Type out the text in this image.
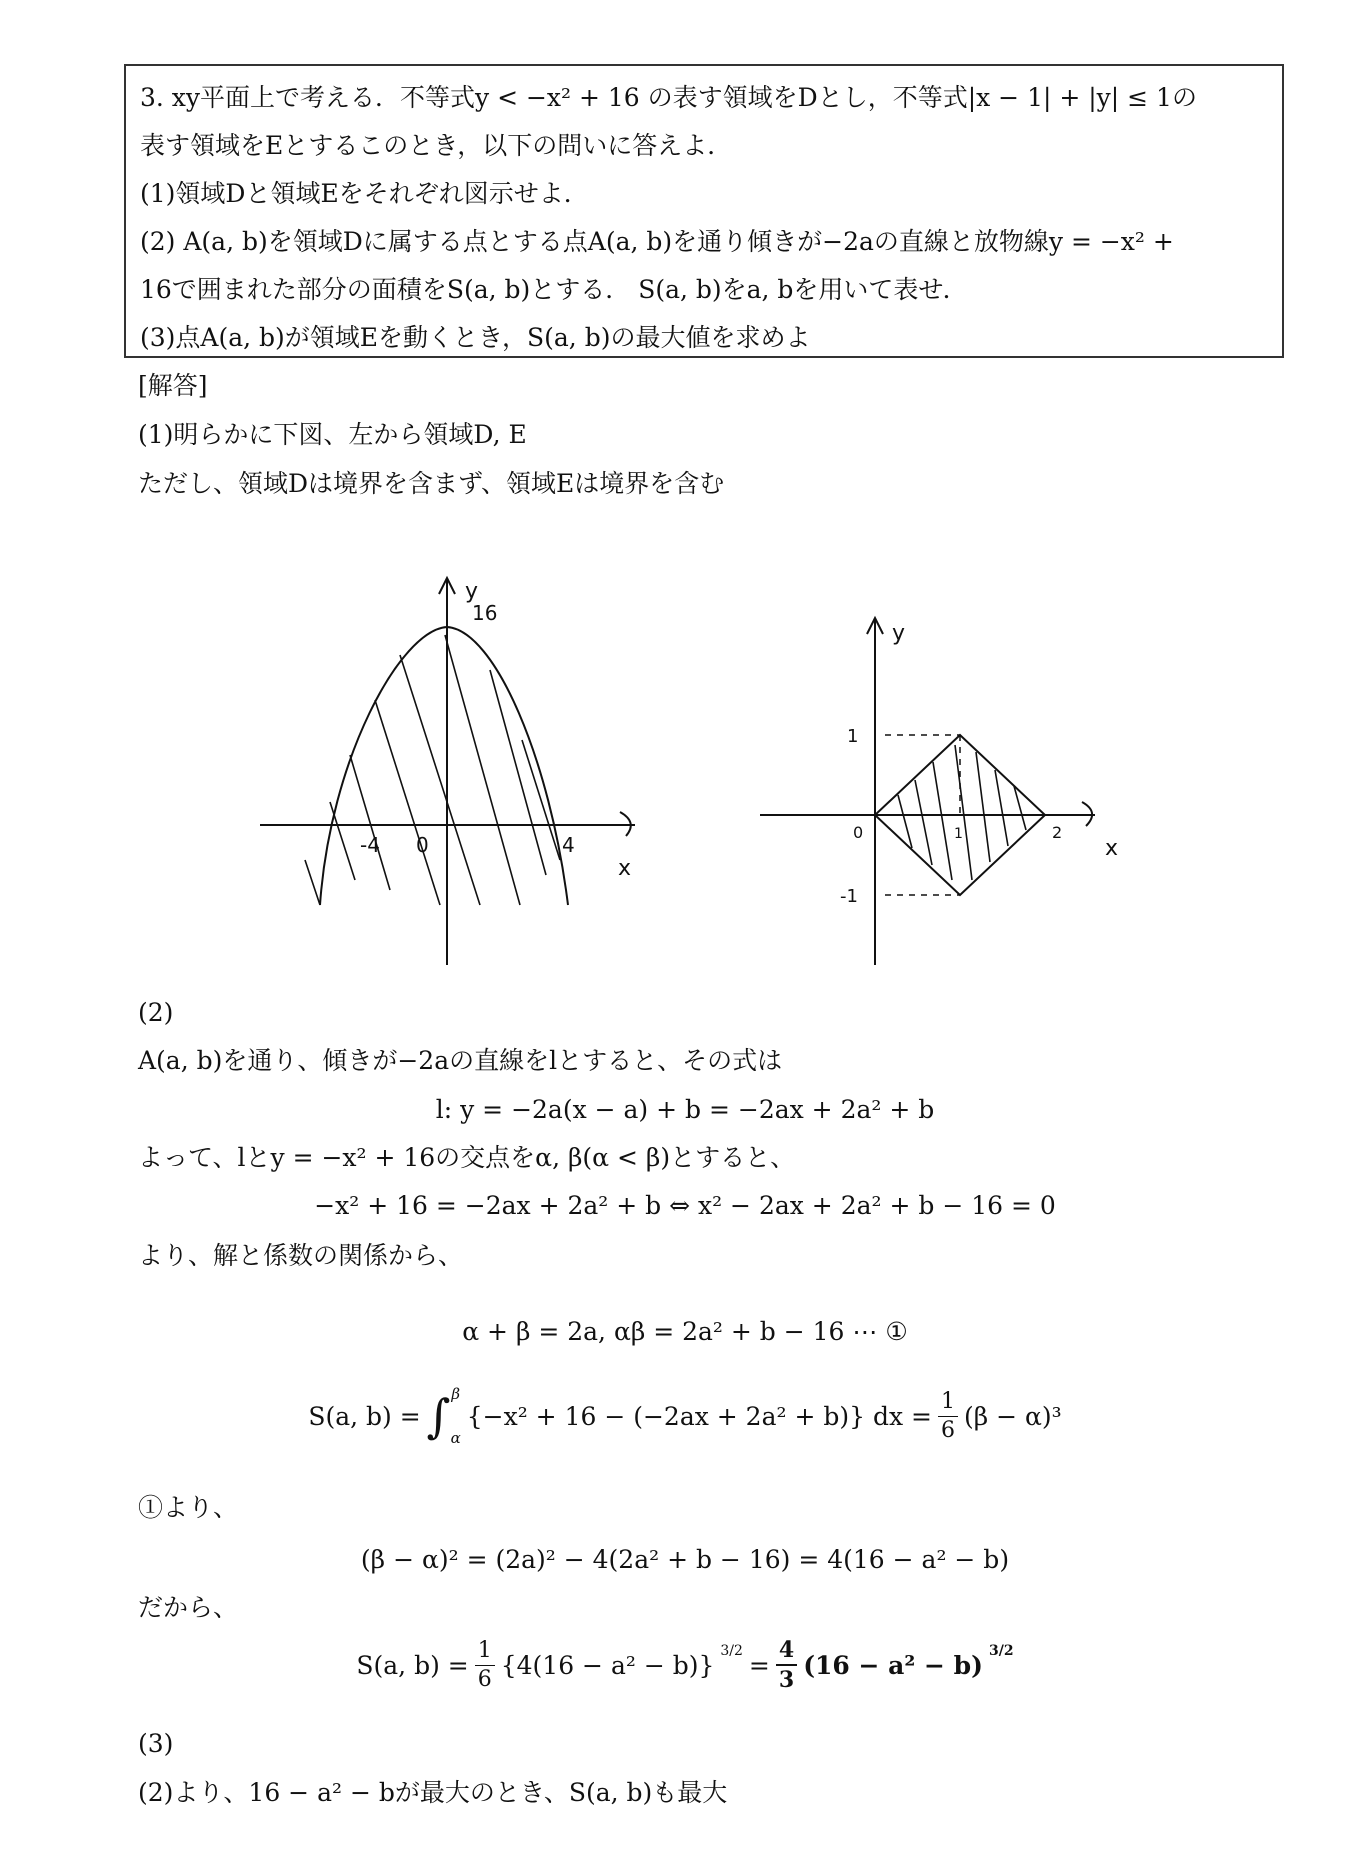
3. xy平面上で考える．不等式y < −x² + 16 の表す領域をDとし，不等式|x − 1| + |y| ≤ 1の
表す領域をEとするこのとき，以下の問いに答えよ．
(1)領域Dと領域Eをそれぞれ図示せよ．
(2) A(a, b)を領域Dに属する点とする点A(a, b)を通り傾きが−2aの直線と放物線y = −x² +
16で囲まれた部分の面積をS(a, b)とする． S(a, b)をa, bを用いて表せ．
(3)点A(a, b)が領域Eを動くとき，S(a, b)の最大値を求めよ
[解答]
(1)明らかに下図、左から領域D, E
ただし、領域Dは境界を含まず、領域Eは境界を含む
y
16
-4 0	4
x
y
1
0	1	2
-1
x
(2)
A(a, b)を通り、傾きが−2aの直線をlとすると、その式は
l: y = −2a(x − a) + b = −2ax + 2a² + b
よって、lとy = −x² + 16の交点をα, β(α < β)とすると、
−x² + 16 = −2ax + 2a² + b ⇔ x² − 2ax + 2a² + b − 16 = 0
より、解と係数の関係から、
α + β = 2a, αβ = 2a² + b − 16 ⋯ ①
S(a, b) = ∫ β
α
{−x² + 16 − (−2ax + 2a² + b)} dx = $\frac{1}{6} (\beta - \alpha)^3$
①より、
(β − α)² = (2a)² − 4(2a² + b − 16) = 4(16 − a² − b)
だから、
S(a, $b) = \frac{1}{6} \{4(16 - a^2 - b)\} 3/2 = \frac{4}{3} (16 - a^2 - b)$ 3/2
(3)
(2)より、16 − a² − bが最大のとき、S(a, b)も最大
